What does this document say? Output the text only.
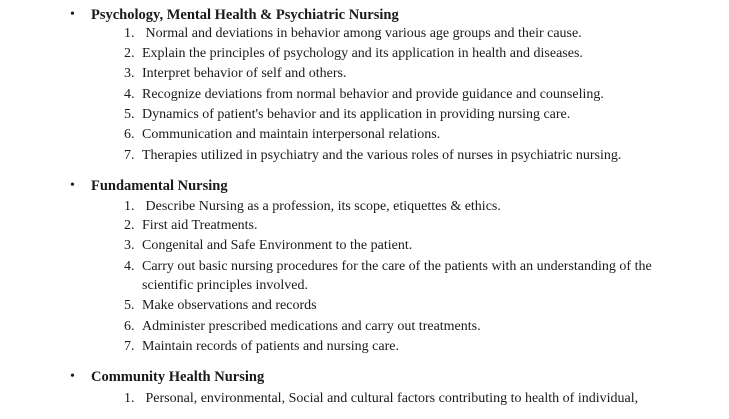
• Psychology, Mental Health & Psychiatric Nursing
1. Normal and deviations in behavior among various age groups and their cause.
2. Explain the principles of psychology and its application in health and diseases.
3. Interpret behavior of self and others.
4. Recognize deviations from normal behavior and provide guidance and counseling.
5. Dynamics of patient's behavior and its application in providing nursing care.
6. Communication and maintain interpersonal relations.
7. Therapies utilized in psychiatry and the various roles of nurses in psychiatric nursing.
• Fundamental Nursing
1. Describe Nursing as a profession, its scope, etiquettes & ethics.
2. First aid Treatments.
3. Congenital and Safe Environment to the patient.
4. Carry out basic nursing procedures for the care of the patients with an understanding of the
scientific principles involved.
5. Make observations and records
6. Administer prescribed medications and carry out treatments.
7. Maintain records of patients and nursing care.
• Community Health Nursing
1. Personal, environmental, Social and cultural factors contributing to health of individual,
